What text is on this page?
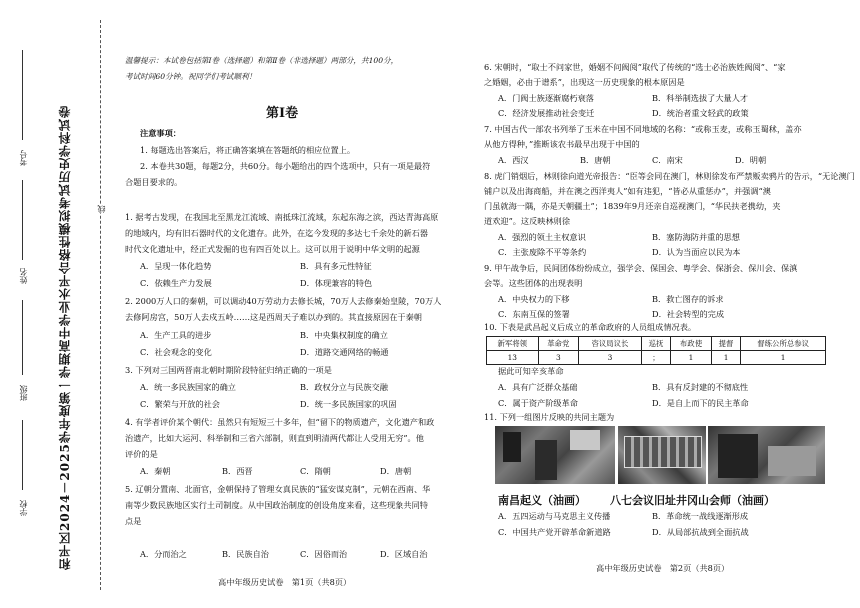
和平区2024－2025学年度第一学期高中学业水平合格性模拟考试历史学科试卷
学校
班级
姓名
考号
线
温馨提示：本试卷包括第Ⅰ卷（选择题）和第Ⅱ卷（非选择题）两部分，共100分，
考试时间60分钟。祝同学们考试顺利！
第Ⅰ卷
注意事项：
1. 每题选出答案后，将正确答案填在答题纸的相应位置上。
2. 本卷共30题，每题2分，共60分。每小题给出的四个选项中，只有一项是最符
合题目要求的。
1. 据考古发现，在我国北至黑龙江流域、南抵珠江流域，东起东海之滨，西达青海高原
的地域内，均有旧石器时代的文化遗存。此外，在迄今发现的多达七千余处的新石器
时代文化遗址中，经正式发掘的也有四百处以上。这可以用于说明中华文明的起源
A．呈现一体化趋势	B．具有多元性特征
C．依赖生产力发展	D．体现兼容的特色
2. 2000万人口的秦朝，可以调动40万劳动力去修长城，70万人去修秦始皇陵，70万人
去修阿房宫，50万人去戍五岭……这是西周天子难以办到的。其直接原因在于秦朝
A．生产工具的进步	B．中央集权制度的确立
C．社会观念的变化	D．道路交通网络的畅通
3. 下列对三国两晋南北朝时期阶段特征归纳正确的一项是
A．统一多民族国家的确立	B．政权分立与民族交融
C．繁荣与开放的社会	D．统一多民族国家的巩固
4. 有学者评价某个朝代：虽然只有短短三十多年，但“留下的物质遗产，文化遗产和政
治遗产，比如大运河、科举制和三省六部制，则直到明清两代都让人受用无穷”。他
评价的是
A．秦朝	B．西晋	C．隋朝	D．唐朝
5. 辽朝分置南、北面官，金朝保持了管理女真民族的“猛安谋克制”，元朝在西南、华
南等少数民族地区实行土司制度。从中国政治制度的创设角度来看，这些现象共同特
点是
A．分而治之	B．民族自治	C．因俗而治	D．区域自治
高中年级历史试卷　第1页（共8页）
6. 宋朝时，“取士不问家世，婚姻不问阀阅”取代了传统的“选士必治族姓阀阅”、“家
之婚姻，必由于谱系”，出现这一历史现象的根本原因是
A．门阀士族逐渐腐朽衰落	B．科举制选拔了大量人才
C．经济发展推动社会变迁	D．统治者重文轻武的政策
7. 中国古代一部农书列举了玉米在中国不同地域的名称：“或称玉麦，或称玉蜀秫，盖亦
从他方得种，”推断该农书最早出现于中国的
A．西汉	B．唐朝	C．南宋	D．明朝
8. 虎门销烟后，林则徐向道光帝报告：“臣等会同在澳门，林则徐发布严禁贩卖鸦片的告示，“无论澳门
铺户以及出海商船，并在澳之西洋夷人”如有违犯，“皆必从重惩办”，并强调“澳
门虽就海一隅，亦是天朝疆土”；1839年9月还亲自巡视澳门，“华民扶老携幼，夹
道欢迎”。这反映林则徐
A．强烈的领土主权意识	B．塞防海防并重的思想
C．主张废除不平等条约	D．认为当面应以民为本
9. 甲午战争后，民间团体纷纷成立，强学会、保国会、粤学会、保浙会、保川会、保滇
会等。这些团体的出现表明
A．中央权力的下移	B．救亡图存的诉求
C．东南互保的签署	D．社会转型的完成
10. 下表是武昌起义后成立的革命政府的人员组成情况表。
新军将领	革命党	咨议局议长	巡抚	布政使	提督	督练公所总参议
13	3	3	；	1	1	1
据此可知辛亥革命
A．具有广泛群众基础	B．具有反封建的不彻底性
C．属于资产阶级革命	D．是自上而下的民主革命
11. 下列一组图片反映的共同主题为
南昌起义（油画） 八七会议旧址井冈山会师（油画）
A．五四运动与马克思主义传播	B．革命统一战线逐渐形成
C．中国共产党开辟革命新道路	D．从局部抗战到全面抗战
高中年级历史试卷　第2页（共8页）
